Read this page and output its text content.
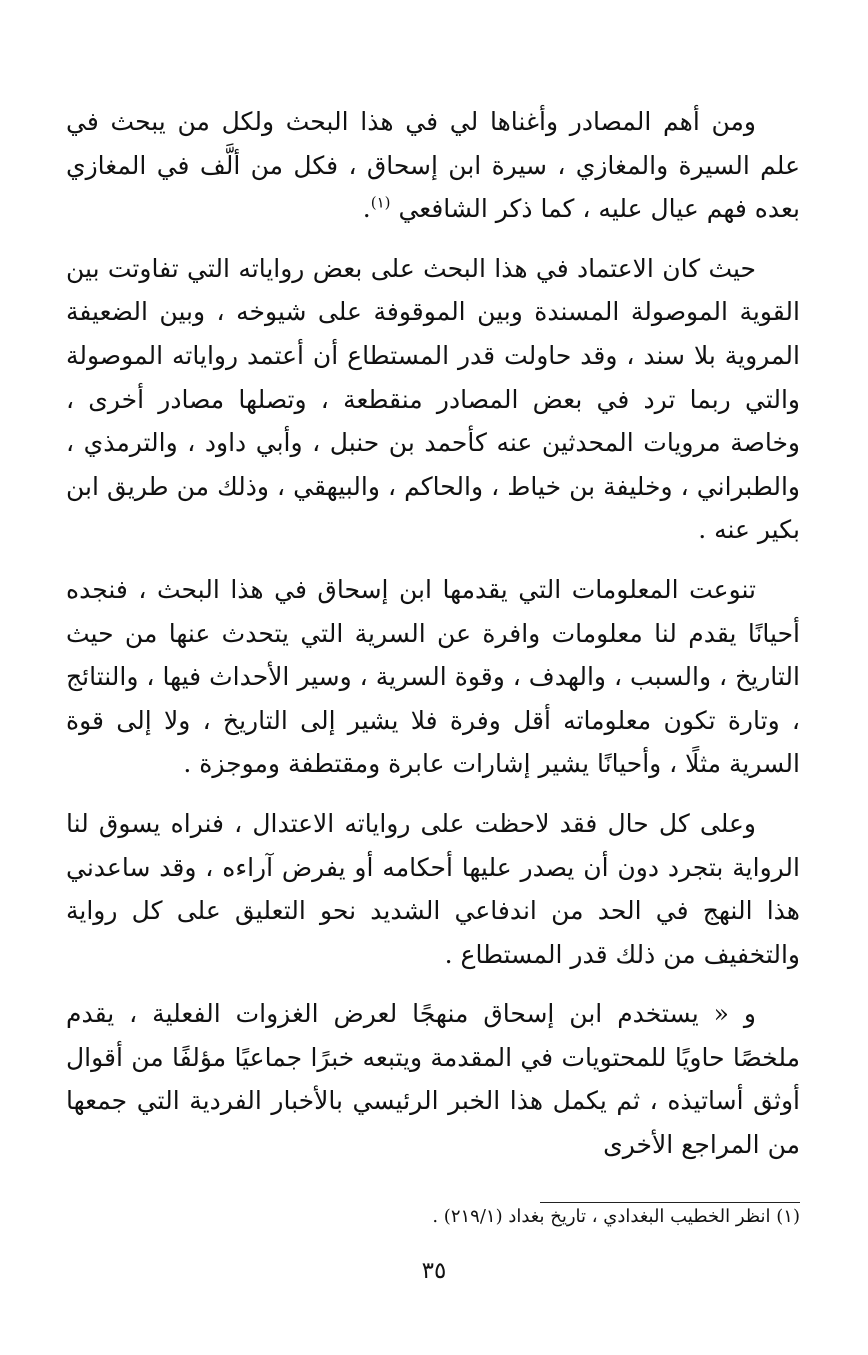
ومن أهم المصادر وأغناها لي في هذا البحث ولكل من يبحث في علم السيرة والمغازي ، سيرة ابن إسحاق ، فكل من ألَّف في المغازي بعده فهم عيال عليه ، كما ذكر الشافعي $^{(١)}$.

حيث كان الاعتماد في هذا البحث على بعض رواياته التي تفاوتت بين القوية الموصولة المسندة وبين الموقوفة على شيوخه ، وبين الضعيفة المروية بلا سند ، وقد حاولت قدر المستطاع أن أعتمد رواياته الموصولة والتي ربما ترد في بعض المصادر منقطعة ، وتصلها مصادر أخرى ، وخاصة مرويات المحدثين عنه كأحمد بن حنبل ، وأبي داود ، والترمذي ، والطبراني ، وخليفة بن خياط ، والحاكم ، والبيهقي ، وذلك من طريق ابن بكير عنه .

تنوعت المعلومات التي يقدمها ابن إسحاق في هذا البحث ، فنجده أحيانًا يقدم لنا معلومات وافرة عن السرية التي يتحدث عنها من حيث التاريخ ، والسبب ، والهدف ، وقوة السرية ، وسير الأحداث فيها ، والنتائج ، وتارة تكون معلوماته أقل وفرة فلا يشير إلى التاريخ ، ولا إلى قوة السرية مثلًا ، وأحيانًا يشير إشارات عابرة ومقتطفة وموجزة .

وعلى كل حال فقد لاحظت على رواياته الاعتدال ، فنراه يسوق لنا الرواية بتجرد دون أن يصدر عليها أحكامه أو يفرض آراءه ، وقد ساعدني هذا النهج في الحد من اندفاعي الشديد نحو التعليق على كل رواية والتخفيف من ذلك قدر المستطاع .

و « يستخدم ابن إسحاق منهجًا لعرض الغزوات الفعلية ، يقدم ملخصًا حاويًا للمحتويات في المقدمة ويتبعه خبرًا جماعيًا مؤلفًا من أقوال أوثق أساتيذه ، ثم يكمل هذا الخبر الرئيسي بالأخبار الفردية التي جمعها من المراجع الأخرى

(١) انظر الخطيب البغدادي ، تاريخ بغداد (٢١٩/١) .
٣٥
